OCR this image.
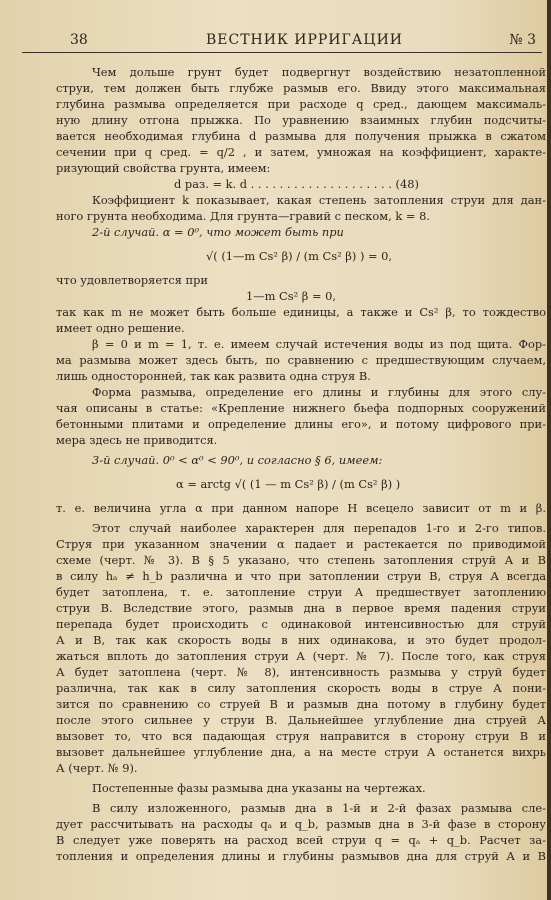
38	ВЕСТНИК ИРРИГАЦИИ	№ 3
Чем дольше грунт будет подвергнут воздействию незатопленной
струи, тем должен быть глубже размыв его. Ввиду этого максимальная
глубина размыва определяется при расходе q сред., дающем максималь-
ную длину отгона прыжка. По уравнению взаимных глубин подсчиты-
вается необходимая глубина d размыва для получения прыжка в сжатом
сечении при q сред. = q/2 , и затем, умножая на коэффициент, характе-
ризующий свойства грунта, имеем:
d раз. = k. d . . . . . . . . . . . . . . . . . . . . (48)
Коэффициент k показывает, какая степень затопления струи для дан-
ного грунта необходима. Для грунта—гравий с песком, k = 8.
2-й случай. α = 0⁰, что может быть при
√( (1—m Cs² β) / (m Cs² β) ) = 0,
что удовлетворяется при
1—m Cs² β = 0,
так как m не может быть больше единицы, а также и Cs² β, то тождество
имеет одно решение.
β = 0 и m = 1, т. е. имеем случай истечения воды из под щита. Фор-
ма размыва может здесь быть, по сравнению с предшествующим случаем,
лишь односторонней, так как развита одна струя В.
Форма размыва, определение его длины и глубины для этого слу-
чая описаны в статье: «Крепление нижнего бьефа подпорных сооружений
бетонными плитами и определение длины его», и потому цифрового при-
мера здесь не приводится.
3-й случай. 0⁰ < α⁰ < 90⁰, и согласно § 6, имеем:
α = arctg √( (1 — m Cs² β) / (m Cs² β) )
т. е. величина угла α при данном напоре Н всецело зависит от m и β.
Этот случай наиболее характерен для перепадов 1-го и 2-го типов.
Струя при указанном значении α падает и растекается по приводимой
схеме (черт. № 3). В § 5 указано, что степень затопления струй А и В
в силу hₐ ≠ h_b различна и что при затоплении струи В, струя А всегда
будет затоплена, т. е. затопление струи А предшествует затоплению
струи В. Вследствие этого, размыв дна в первое время падения струи
перепада будет происходить с одинаковой интенсивностью для струй
А и В, так как скорость воды в них одинакова, и это будет продол-
жаться вплоть до затопления струи А (черт. № 7). После того, как струя
А будет затоплена (черт. № 8), интенсивность размыва у струй будет
различна, так как в силу затопления скорость воды в струе А пони-
зится по сравнению со струей В и размыв дна потому в глубину будет
после этого сильнее у струи В. Дальнейшее углубление дна струей А
вызовет то, что вся падающая струя направится в сторону струи В и
вызовет дальнейшее углубление дна, а на месте струи А останется вихрь
А (черт. № 9).
Постепенные фазы размыва дна указаны на чертежах.
В силу изложенного, размыв дна в 1-й и 2-й фазах размыва сле-
дует рассчитывать на расходы qₐ и q_b, размыв дна в 3-й фазе в сторону
В следует уже поверять на расход всей струи q = qₐ + q_b. Расчет за-
топления и определения длины и глубины размывов дна для струй А и В
